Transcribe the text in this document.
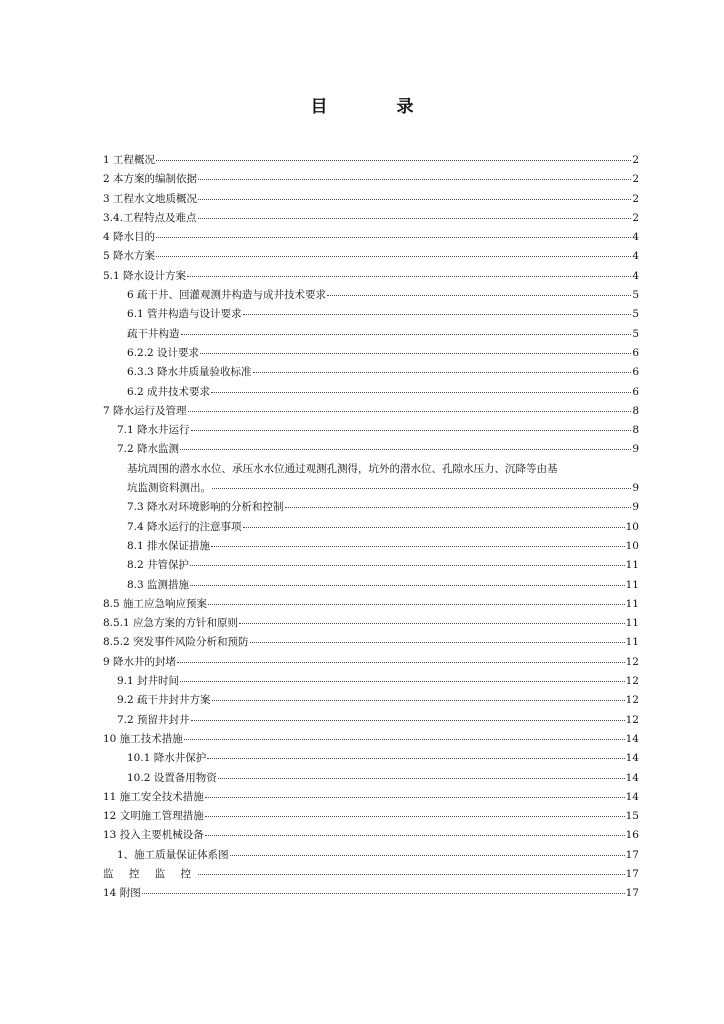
目　录
1 工程概况	2
2 本方案的编制依据	2
3 工程水文地质概况	2
3.4.工程特点及难点	2
4 降水目的	4
5 降水方案	4
5.1 降水设计方案	4
6 疏干井、回灌观测井构造与成井技术要求	5
6.1 管井构造与设计要求	5
疏干井构造	5
6.2.2 设计要求	6
6.3.3 降水井质量验收标准	6
6.2 成井技术要求	6
7 降水运行及管理	8
7.1 降水井运行	8
7.2 降水监测	9
基坑周围的潜水水位、承压水水位通过观测孔测得，坑外的潜水位、孔隙水压力、沉降等由基
坑监测资料测出。	9
7.3 降水对环境影响的分析和控制	9
7.4 降水运行的注意事项	10
8.1 排水保证措施	10
8.2 井管保护	11
8.3 监测措施	11
8.5 施工应急响应预案	11
8.5.1 应急方案的方针和原则	11
8.5.2 突发事件风险分析和预防	11
9 降水井的封堵	12
9.1 封井时间	12
9.2 疏干井封井方案	12
7.2 预留井封井	12
10 施工技术措施	14
10.1 降水井保护	14
10.2 设置备用物资	14
11 施工安全技术措施	14
12 文明施工管理措施	15
13 投入主要机械设备	16
1、施工质量保证体系图	17
监 控 监 控	17
14 附图	17
